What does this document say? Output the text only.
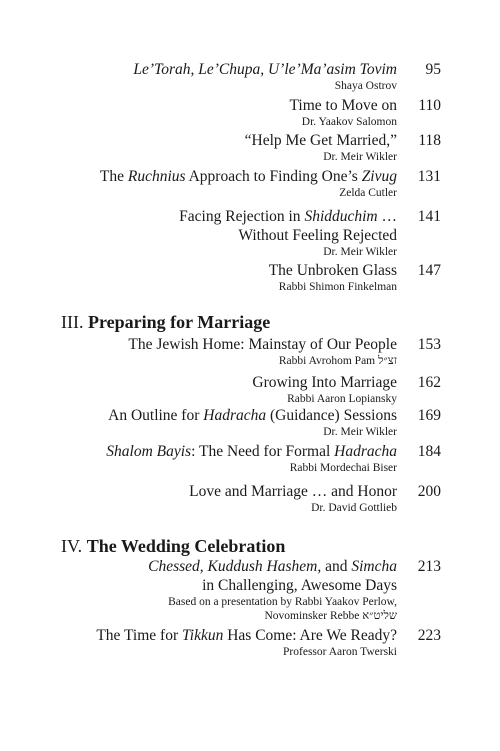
Le’Torah, Le’Chupa, U’le’Ma’asim Tovim
Shaya Ostrov
95
Time to Move on
Dr. Yaakov Salomon
110
“Help Me Get Married,”
Dr. Meir Wikler
118
The Ruchnius Approach to Finding One’s Zivug
Zelda Cutler
131
Facing Rejection in Shidduchim …
Without Feeling Rejected
Dr. Meir Wikler
141
The Unbroken Glass
Rabbi Shimon Finkelman
147
III. Preparing for Marriage
The Jewish Home: Mainstay of Our People
Rabbi Avrohom Pam זצ״ל
153
Growing Into Marriage
Rabbi Aaron Lopiansky
162
An Outline for Hadracha (Guidance) Sessions
Dr. Meir Wikler
169
Shalom Bayis: The Need for Formal Hadracha
Rabbi Mordechai Biser
184
Love and Marriage … and Honor
Dr. David Gottlieb
200
IV. The Wedding Celebration
Chessed, Kuddush Hashem, and Simcha
in Challenging, Awesome Days
Based on a presentation by Rabbi Yaakov Perlow,
Novominsker Rebbe שליט״א
213
The Time for Tikkun Has Come: Are We Ready?
Professor Aaron Twerski
223
